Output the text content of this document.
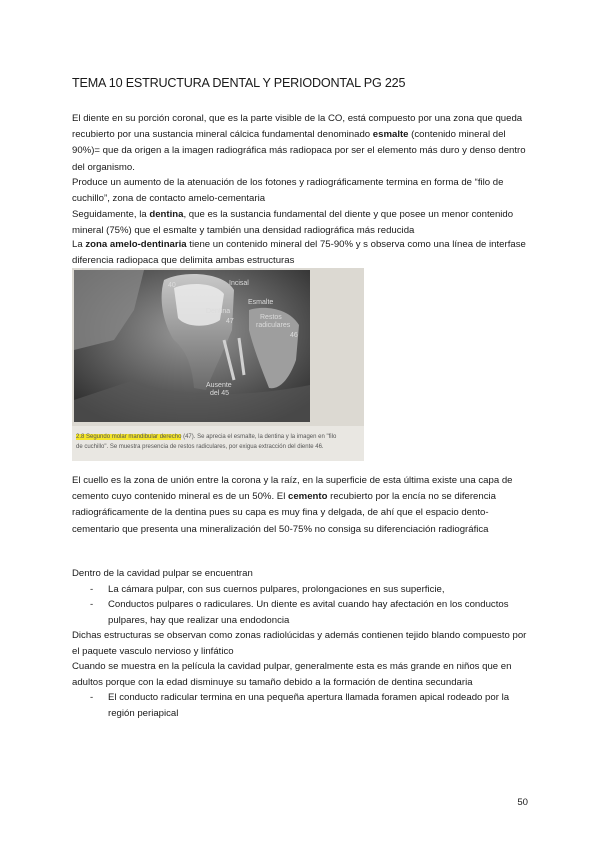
TEMA 10 ESTRUCTURA DENTAL Y PERIODONTAL PG 225
El diente en su porción coronal, que es la parte visible de la CO, está compuesto por una zona que queda recubierto por una sustancia mineral cálcica fundamental denominado esmalte (contenido mineral del 90%)= que da origen a la imagen radiográfica más radiopaca por ser el elemento más duro y denso dentro del organismo.
Produce un aumento de la atenuación de los fotones y radiográficamente termina en forma de “filo de cuchillo”, zona de contacto amelo-cementaria
Seguidamente, la dentina, que es la sustancia fundamental del diente y que posee un menor contenido mineral (75%) que el esmalte y también una densidad radiográfica más reducida
La zona amelo-dentinaria tiene un contenido mineral del 75-90% y s observa como una línea de interfase diferencia radiopaca que delimita ambas estructuras
40	Incisal
Esmalte
Dentina
47
Restos
radiculares
46
Ausente
del 45
2.8 Segundo molar mandibular derecho (47). Se aprecia el esmalte, la dentina y la imagen en "filo
de cuchillo". Se muestra presencia de restos radiculares, por exigua extracción del diente 46.
El cuello es la zona de unión entre la corona y la raíz, en la superficie de esta última existe una capa de cemento cuyo contenido mineral es de un 50%. El cemento recubierto por la encía no se diferencia radiográficamente de la dentina pues su capa es muy fina y delgada, de ahí que el espacio dento-cementario que presenta una mineralización del 50-75% no consiga su diferenciación radiográfica
Dentro de la cavidad pulpar se encuentran
- La cámara pulpar, con sus cuernos pulpares, prolongaciones en sus superficie,
- Conductos pulpares o radiculares. Un diente es avital cuando hay afectación en los conductos pulpares, hay que realizar una endodoncia
Dichas estructuras se observan como zonas radiolúcidas y además contienen tejido blando compuesto por el paquete vasculo nervioso y linfático
Cuando se muestra en la película la cavidad pulpar, generalmente esta es más grande en niños que en adultos porque con la edad disminuye su tamaño debido a la formación de dentina secundaria
- El conducto radicular termina en una pequeña apertura llamada foramen apical rodeado por la región periapical
50
